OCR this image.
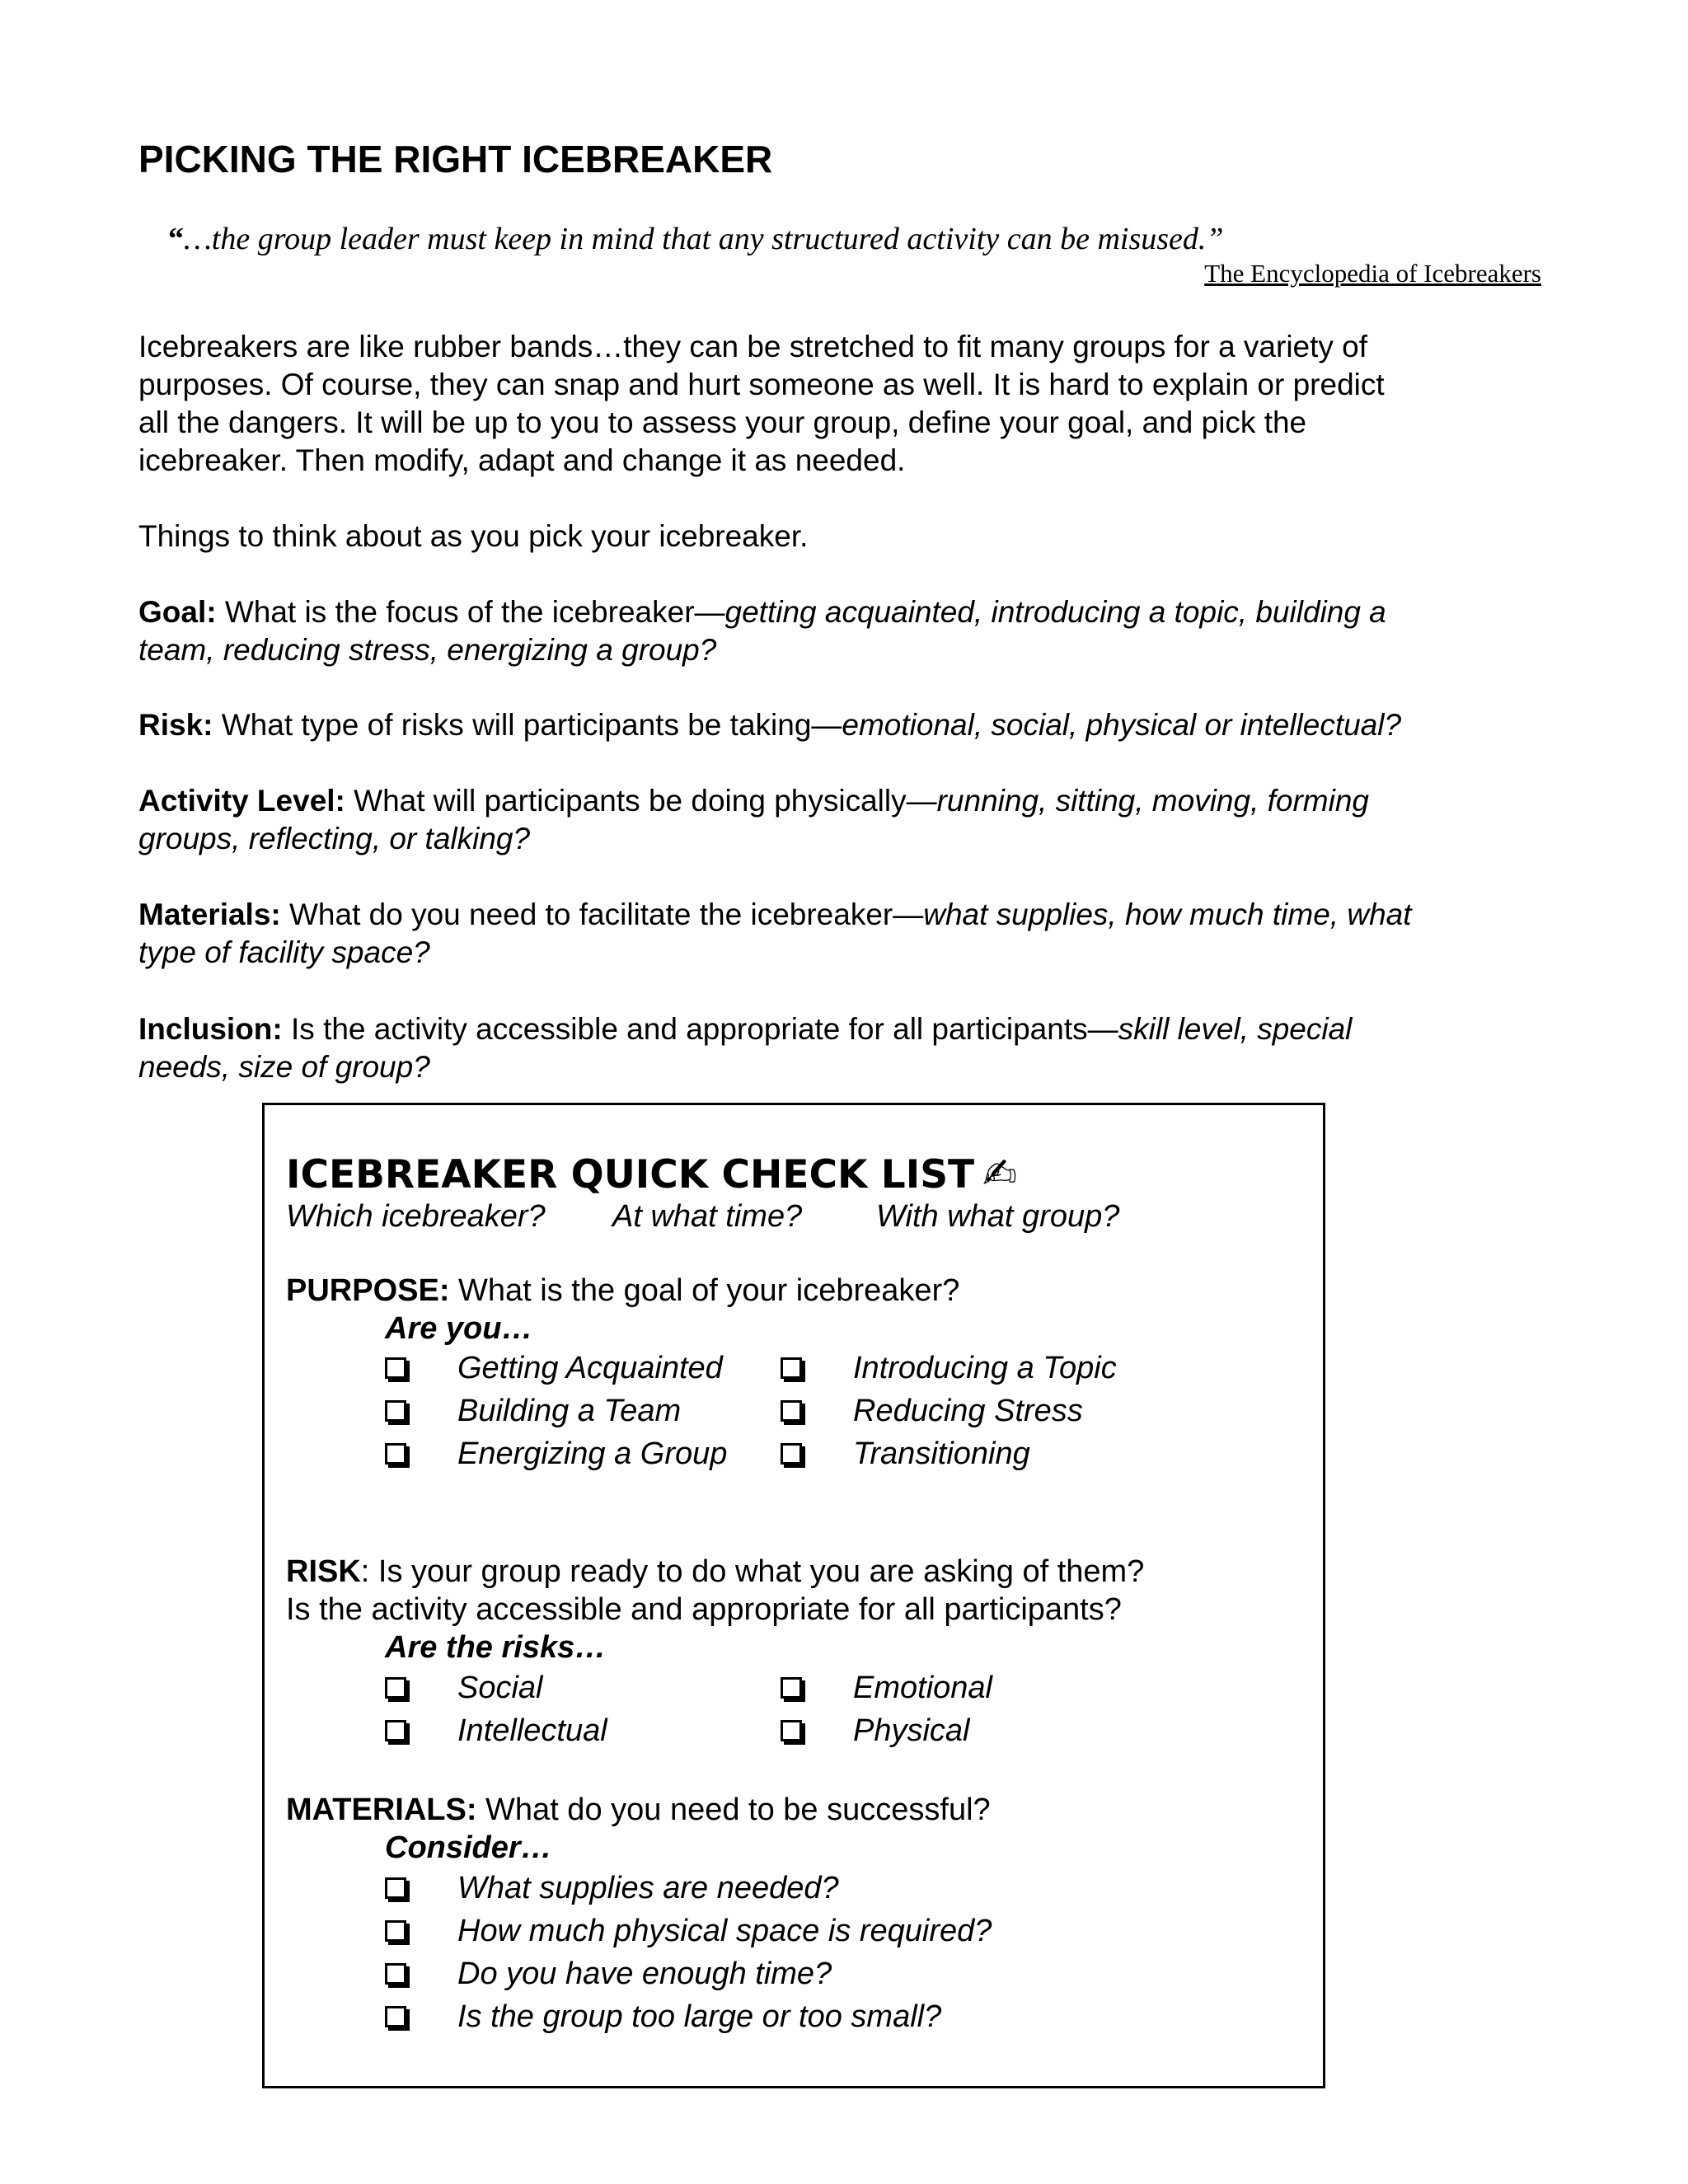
PICKING THE RIGHT ICEBREAKER
“…the group leader must keep in mind that any structured activity can be misused.”
The Encyclopedia of Icebreakers
Icebreakers are like rubber bands…they can be stretched to fit many groups for a variety of
purposes. Of course, they can snap and hurt someone as well. It is hard to explain or predict
all the dangers. It will be up to you to assess your group, define your goal, and pick the
icebreaker. Then modify, adapt and change it as needed.
Things to think about as you pick your icebreaker.
Goal: What is the focus of the icebreaker—getting acquainted, introducing a topic, building a
team, reducing stress, energizing a group?
Risk: What type of risks will participants be taking—emotional, social, physical or intellectual?
Activity Level: What will participants be doing physically—running, sitting, moving, forming
groups, reflecting, or talking?
Materials: What do you need to facilitate the icebreaker—what supplies, how much time, what
type of facility space?
Inclusion: Is the activity accessible and appropriate for all participants—skill level, special
needs, size of group?
ICEBREAKER QUICK CHECK LIST ✍
Which icebreaker? At what time? With what group?
PURPOSE: What is the goal of your icebreaker?
Are you…
Getting Acquainted	Introducing a Topic
Building a Team	Reducing Stress
Energizing a Group	Transitioning
RISK: Is your group ready to do what you are asking of them?
Is the activity accessible and appropriate for all participants?
Are the risks…
Social	Emotional
Intellectual	Physical
MATERIALS: What do you need to be successful?
Consider…
What supplies are needed?
How much physical space is required?
Do you have enough time?
Is the group too large or too small?
